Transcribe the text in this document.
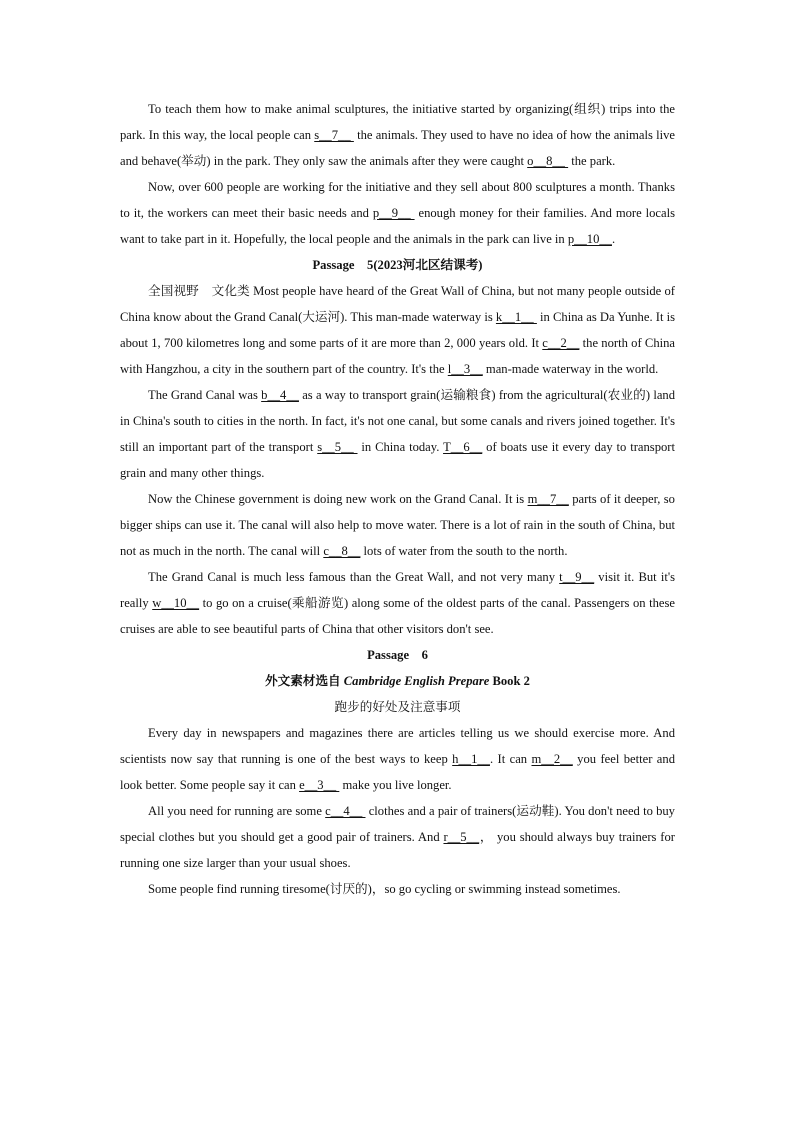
To teach them how to make animal sculptures, the initiative started by organizing(组织) trips into the park. In this way, the local people can s__7__  the animals. They used to have no idea of how the animals live and behave(举动) in the park. They only saw the animals after they were caught o__8__  the park.

Now, over 600 people are working for the initiative and they sell about 800 sculptures a month. Thanks to it, the workers can meet their basic needs and p__9__  enough money for their families. And more locals want to take part in it. Hopefully, the local people and the animals in the park can live in p__10__.

Passage　5(2023河北区结课考)

全国视野　文化类 Most people have heard of the Great Wall of China, but not many people outside of China know about the Grand Canal(大运河). This man-made waterway is k__1__  in China as Da Yunhe. It is about 1, 700 kilometres long and some parts of it are more than 2, 000 years old. It c__2__ the north of China with Hangzhou, a city in the southern part of the country. It's the l__3__ man-made waterway in the world.

The Grand Canal was b__4__ as a way to transport grain(运输粮食) from the agricultural(农业的) land in China's south to cities in the north. In fact, it's not one canal, but some canals and rivers joined together. It's still an important part of the transport s__5__  in China today. T__6__ of boats use it every day to transport grain and many other things.

Now the Chinese government is doing new work on the Grand Canal. It is m__7__ parts of it deeper, so bigger ships can use it. The canal will also help to move water. There is a lot of rain in the south of China, but not as much in the north. The canal will c__8__ lots of water from the south to the north.

The Grand Canal is much less famous than the Great Wall, and not very many t__9__ visit it. But it's really w__10__ to go on a cruise(乘船游览) along some of the oldest parts of the canal. Passengers on these cruises are able to see beautiful parts of China that other visitors don't see.

Passage　6

外文素材选自 Cambridge English Prepare Book 2

跑步的好处及注意事项

Every day in newspapers and magazines there are articles telling us we should exercise more. And scientists now say that running is one of the best ways to keep h__1__. It can m__2__ you feel better and look better. Some people say it can e__3__  make you live longer.

All you need for running are some c__4__  clothes and a pair of trainers(运动鞋). You don't need to buy special clothes but you should get a good pair of trainers. And r__5__， you should always buy trainers for running one size larger than your usual shoes.

Some people find running tiresome(讨厌的)，so go cycling or swimming instead sometimes.
